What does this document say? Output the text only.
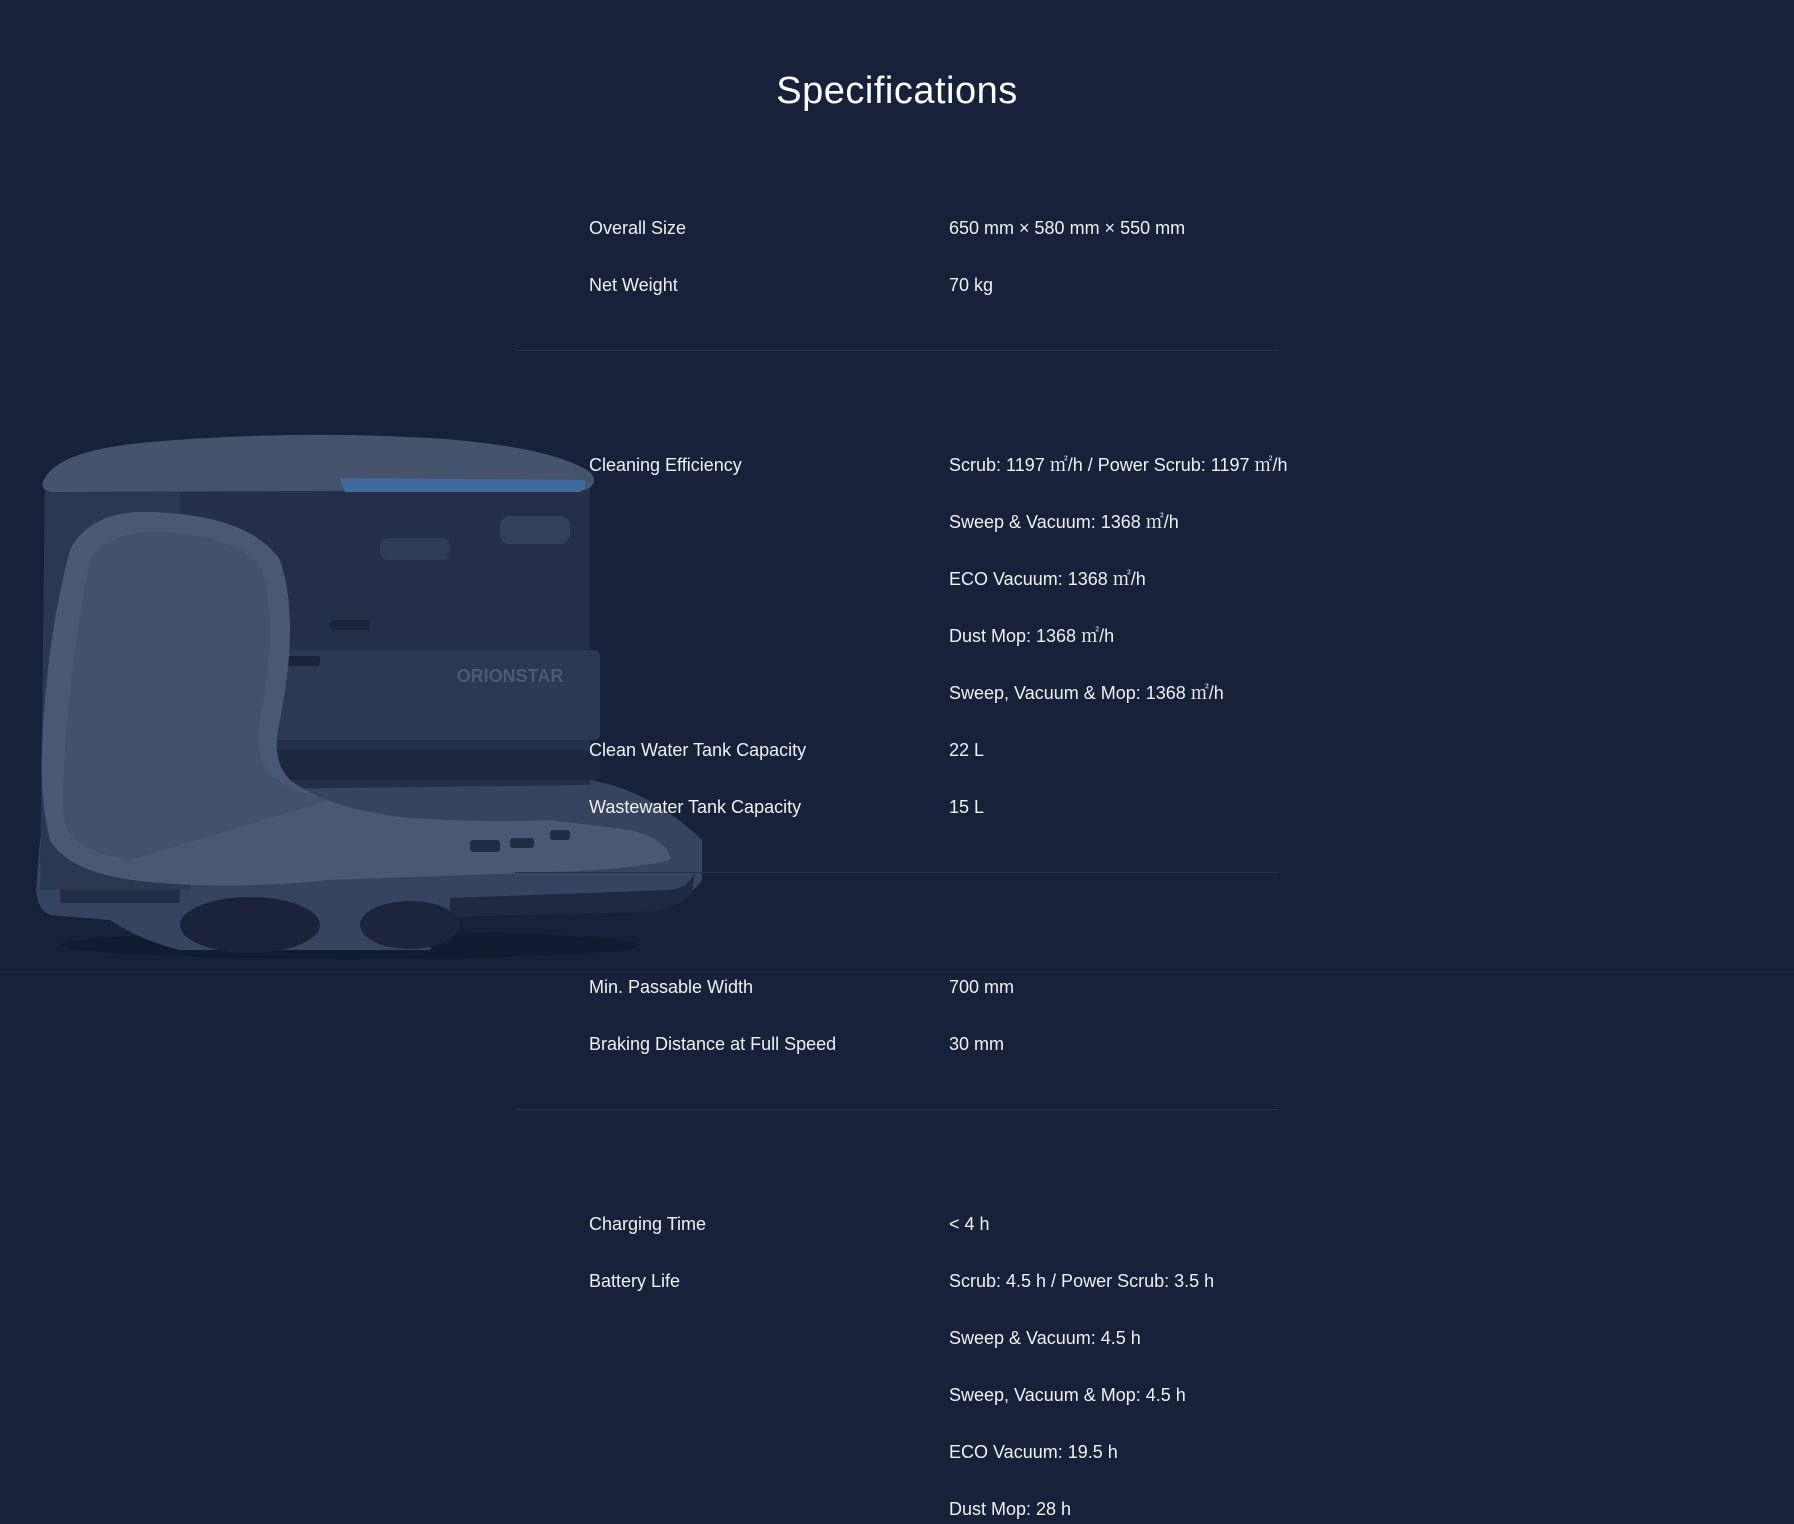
Specifications
ORIONSTAR
Overall Size	650 mm × 580 mm × 550 mm
Net Weight	70 kg
Cleaning Efficiency	Scrub: 1197 ㎡/h / Power Scrub: 1197 ㎡/h
Sweep & Vacuum: 1368 ㎡/h
ECO Vacuum: 1368 ㎡/h
Dust Mop: 1368 ㎡/h
Sweep, Vacuum & Mop: 1368 ㎡/h
Clean Water Tank Capacity	22 L
Wastewater Tank Capacity	15 L
Min. Passable Width	700 mm
Braking Distance at Full Speed	30 mm
Charging Time	< 4 h
Battery Life	Scrub: 4.5 h / Power Scrub: 3.5 h
Sweep & Vacuum: 4.5 h
Sweep, Vacuum & Mop: 4.5 h
ECO Vacuum: 19.5 h
Dust Mop: 28 h
